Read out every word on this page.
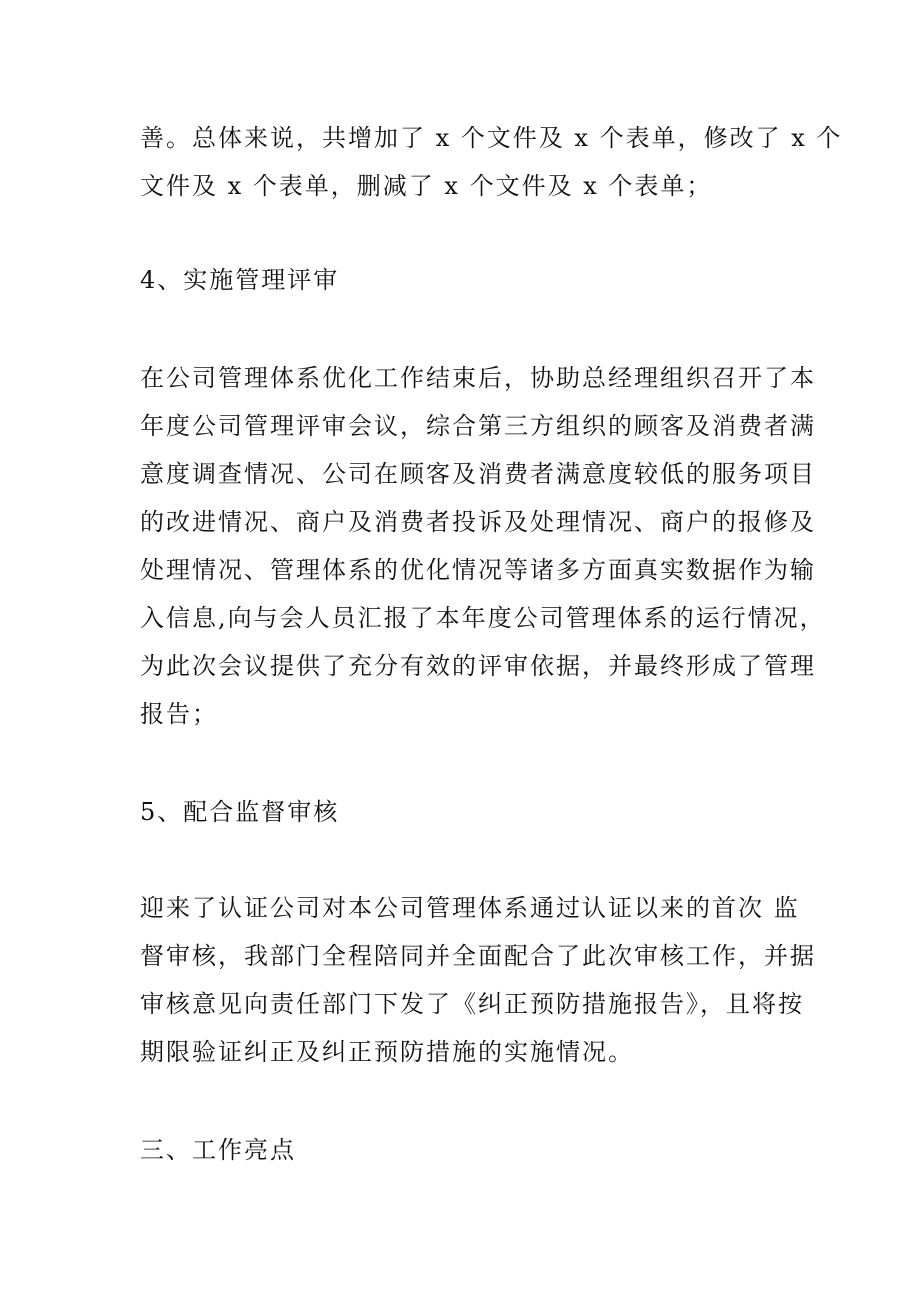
善。总体来说，共增加了 x 个文件及 x 个表单，修改了 x 个
文件及 x 个表单，删减了 x 个文件及 x 个表单；
4、实施管理评审
在公司管理体系优化工作结束后，协助总经理组织召开了本
年度公司管理评审会议，综合第三方组织的顾客及消费者满
意度调查情况、公司在顾客及消费者满意度较低的服务项目
的改进情况、商户及消费者投诉及处理情况、商户的报修及
处理情况、管理体系的优化情况等诸多方面真实数据作为输
入信息,向与会人员汇报了本年度公司管理体系的运行情况，
为此次会议提供了充分有效的评审依据，并最终形成了管理
报告；
5、配合监督审核
迎来了认证公司对本公司管理体系通过认证以来的首次 监
督审核，我部门全程陪同并全面配合了此次审核工作，并据
审核意见向责任部门下发了《纠正预防措施报告》，且将按
期限验证纠正及纠正预防措施的实施情况。
三、工作亮点
